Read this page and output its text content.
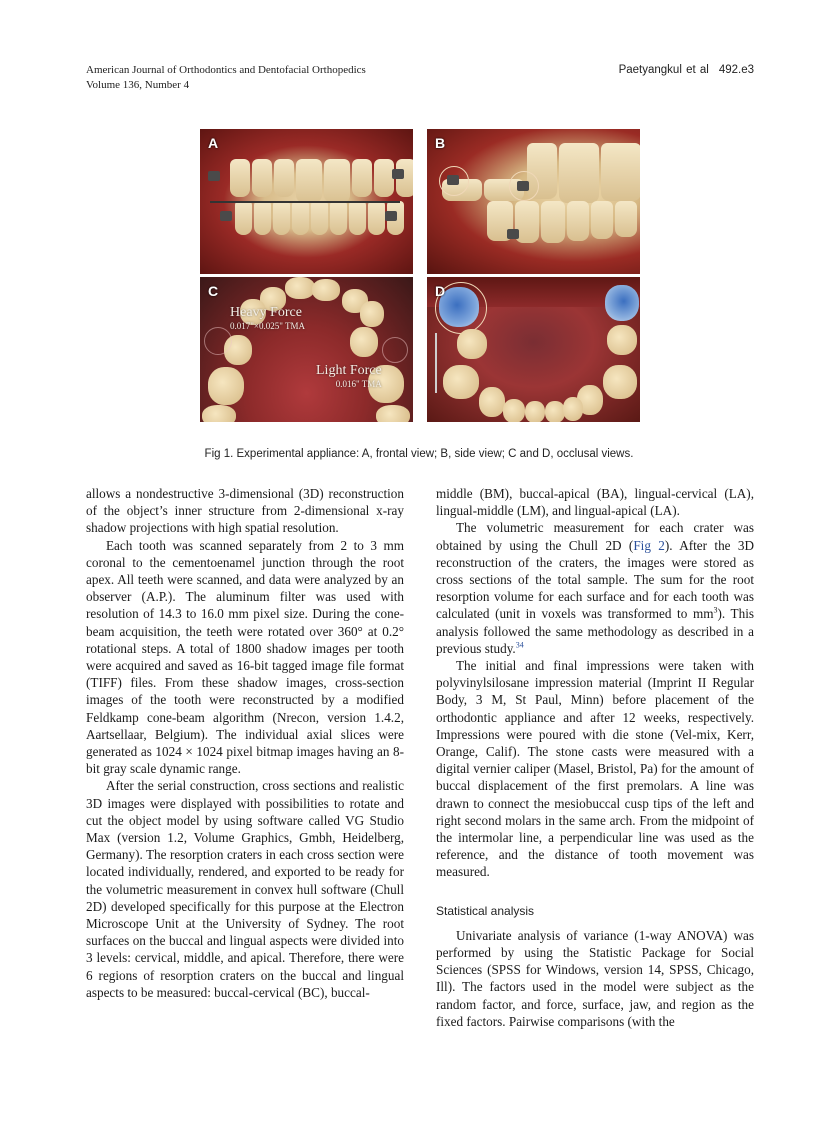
American Journal of Orthodontics and Dentofacial Orthopedics
Volume 136, Number 4
Paetyangkul et al 492.e3
A	B
Heavy Force
0.017"×0.025" TMA
Light Force
0.016" TMA
C	D
Fig 1. Experimental appliance: A, frontal view; B, side view; C and D, occlusal views.

allows a nondestructive 3-dimensional (3D) reconstruction of the object’s inner structure from 2-dimensional x-ray shadow projections with high spatial resolution.

Each tooth was scanned separately from 2 to 3 mm coronal to the cementoenamel junction through the root apex. All teeth were scanned, and data were analyzed by an observer (A.P.). The aluminum filter was used with resolution of 14.3 to 16.0 mm pixel size. During the cone-beam acquisition, the teeth were rotated over 360° at 0.2° rotational steps. A total of 1800 shadow images per tooth were acquired and saved as 16-bit tagged image file format (TIFF) files. From these shadow images, cross-section images of the tooth were reconstructed by a modified Feldkamp cone-beam algorithm (Nrecon, version 1.4.2, Aartsellaar, Belgium). The individual axial slices were generated as 1024 × 1024 pixel bitmap images having an 8-bit gray scale dynamic range.

After the serial construction, cross sections and realistic 3D images were displayed with possibilities to rotate and cut the object model by using software called VG Studio Max (version 1.2, Volume Graphics, Gmbh, Heidelberg, Germany). The resorption craters in each cross section were located individually, rendered, and exported to be ready for the volumetric measurement in convex hull software (Chull 2D) developed specifically for this purpose at the Electron Microscope Unit at the University of Sydney. The root surfaces on the buccal and lingual aspects were divided into 3 levels: cervical, middle, and apical. Therefore, there were 6 regions of resorption craters on the buccal and lingual aspects to be measured: buccal-cervical (BC), buccal-

middle (BM), buccal-apical (BA), lingual-cervical (LA), lingual-middle (LM), and lingual-apical (LA).

The volumetric measurement for each crater was obtained by using the Chull 2D (Fig 2). After the 3D reconstruction of the craters, the images were stored as cross sections of the total sample. The sum for the root resorption volume for each surface and for each tooth was calculated (unit in voxels was transformed to $mm^3$). This analysis followed the same methodology as described in a previous study.$^{34}$

The initial and final impressions were taken with polyvinylsilosane impression material (Imprint II Regular Body, 3 M, St Paul, Minn) before placement of the orthodontic appliance and after 12 weeks, respectively. Impressions were poured with die stone (Vel-mix, Kerr, Orange, Calif). The stone casts were measured with a digital vernier caliper (Masel, Bristol, Pa) for the amount of buccal displacement of the first premolars. A line was drawn to connect the mesiobuccal cusp tips of the left and right second molars in the same arch. From the midpoint of the intermolar line, a perpendicular line was used as the reference, and the distance of tooth movement was measured.

Statistical analysis

Univariate analysis of variance (1-way ANOVA) was performed by using the Statistic Package for Social Sciences (SPSS for Windows, version 14, SPSS, Chicago, Ill). The factors used in the model were subject as the random factor, and force, surface, jaw, and region as the fixed factors. Pairwise comparisons (with the
